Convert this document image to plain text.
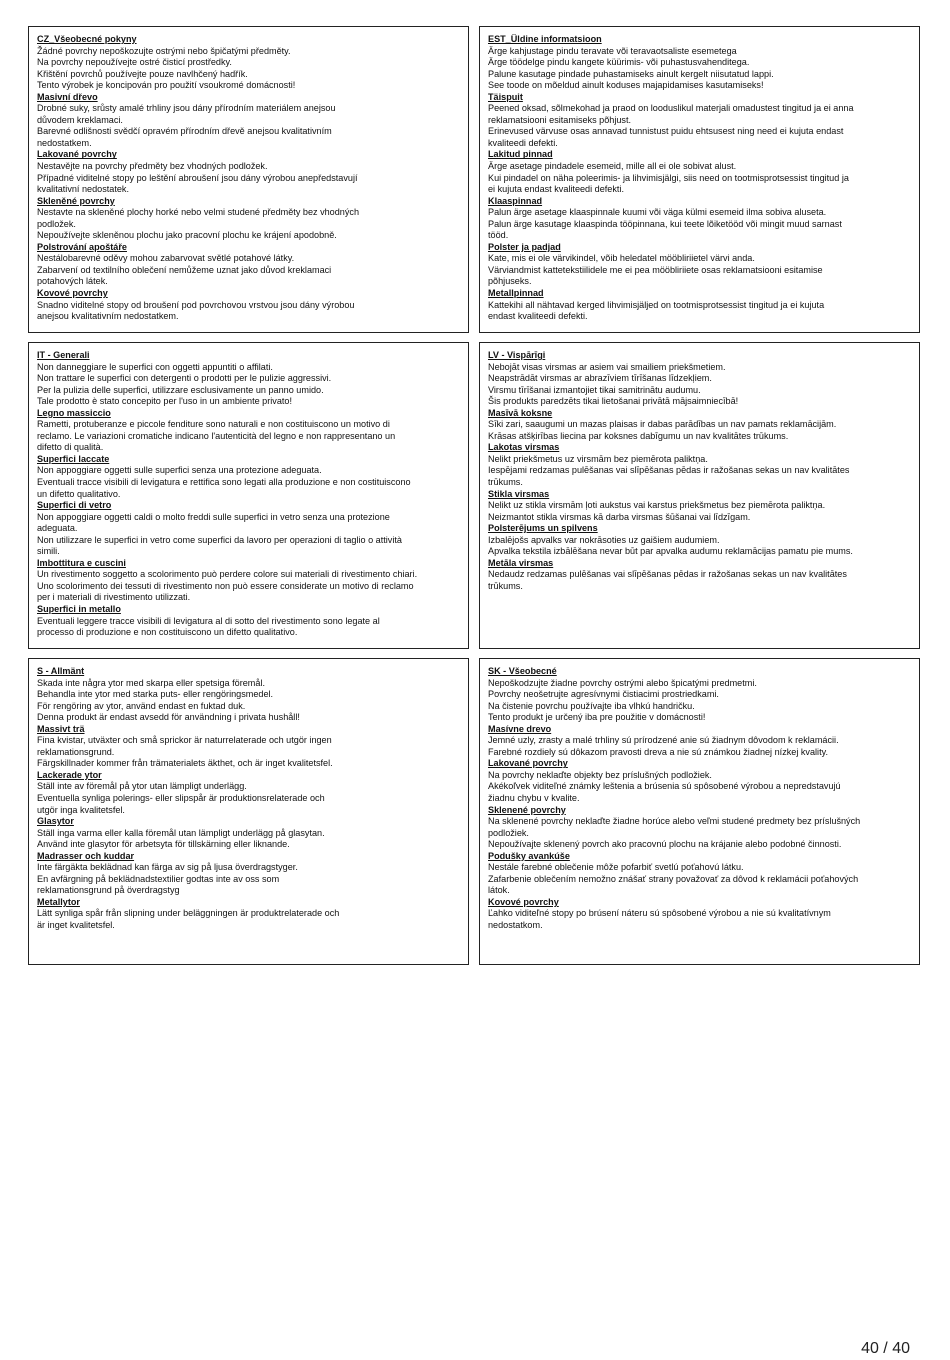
CZ_Všeobecné pokyny

Žádné povrchy nepoškozujte ostrými nebo špičatými předměty.

Na povrchy nepoužívejte ostré čisticí prostředky.

Křištění povrchů používejte pouze navlhčený hadřík.

Tento výrobek je koncipován pro použití vsoukromé domácnosti!

Masivní dřevo

Drobné suky, srůsty amalé trhliny jsou dány přírodním materiálem anejsou

důvodem kreklamaci.

Barevné odlišnosti svědčí opravém přírodním dřevě anejsou kvalitativním

nedostatkem.

Lakované povrchy

Nestavějte na povrchy předměty bez vhodných podložek.

Případné viditelné stopy po leštění abroušení jsou dány výrobou anepředstavují

kvalitativní nedostatek.

Skleněné povrchy

Nestavte na skleněné plochy horké nebo velmi studené předměty bez vhodných

podložek.

Nepoužívejte skleněnou plochu jako pracovní plochu ke krájení apodobně.

Polstrování apoštáře

Nestálobarevné oděvy mohou zabarvovat světlé potahové látky.

Zabarvení od textilního oblečení nemůžeme uznat jako důvod kreklamaci

potahových látek.

Kovové povrchy

Snadno viditelné stopy od broušení pod povrchovou vrstvou jsou dány výrobou

anejsou kvalitativním nedostatkem.

EST_Üldine informatsioon

Ärge kahjustage pindu teravate või teravaotsaliste esemetega

Ärge töödelge pindu kangete küürimis- või puhastusvahenditega.

Palune kasutage pindade puhastamiseks ainult kergelt niisutatud lappi.

See toode on mõeldud ainult koduses majapidamises kasutamiseks!

Täispuit

Peened oksad, sõlmekohad ja praod on looduslikul materjali omadustest tingitud ja ei anna

reklamatsiooni esitamiseks põhjust.

Erinevused värvuse osas annavad tunnistust puidu ehtsusest ning need ei kujuta endast

kvaliteedi defekti.

Lakitud pinnad

Ärge asetage pindadele esemeid, mille all ei ole sobivat alust.

Kui pindadel on näha poleerimis- ja lihvimisjälgi, siis need on tootmisprotsessist tingitud ja

ei kujuta endast kvaliteedi defekti.

Klaaspinnad

Palun ärge asetage klaaspinnale kuumi või väga külmi esemeid ilma sobiva aluseta.

Palun ärge kasutage klaaspinda tööpinnana, kui teete lõiketööd või mingit muud sarnast

tööd.

Polster ja padjad

Kate, mis ei ole värvikindel, võib heledatel mööbliriietel värvi anda.

Värviandmist kattetekstiilidele me ei pea mööbliriiete osas reklamatsiooni esitamise

põhjuseks.

Metallpinnad

Kattekihi all nähtavad kerged lihvimisjäljed on tootmisprotsessist tingitud ja ei kujuta

endast kvaliteedi defekti.

IT - Generali

Non danneggiare le superfici con oggetti appuntiti o affilati.

Non trattare le superfici con detergenti o prodotti per le pulizie aggressivi.

Per la pulizia delle superfici, utilizzare esclusivamente un panno umido.

Tale prodotto è stato concepito per l'uso in un ambiente privato!

Legno massiccio

Rametti, protuberanze e piccole fenditure sono naturali e non costituiscono un motivo di

reclamo. Le variazioni cromatiche indicano l'autenticità del legno e non rappresentano un

difetto di qualità.

Superfici laccate

Non appoggiare oggetti sulle superfici senza una protezione adeguata.

Eventuali tracce visibili di levigatura e rettifica sono legati alla produzione e non costituiscono

un difetto qualitativo.

Superfici di vetro

Non appoggiare oggetti caldi o molto freddi sulle superfici in vetro senza una protezione

adeguata.

Non utilizzare le superfici in vetro come superfici da lavoro per operazioni di taglio o attività

simili.

Imbottitura e cuscini

Un rivestimento soggetto a scolorimento può perdere colore sui materiali di rivestimento chiari.

Uno scolorimento dei tessuti di rivestimento non può essere considerate un motivo di reclamo

per i materiali di rivestimento utilizzati.

Superfici in metallo

Eventuali leggere tracce visibili di levigatura al di sotto del rivestimento sono legate al

processo di produzione e non costituiscono un difetto qualitativo.

LV - Vispārīgi

Nebojāt visas virsmas ar asiem vai smailiem priekšmetiem.

Neapstrādāt virsmas ar abrazīviem tīrīšanas līdzekļiem.

Virsmu tīrīšanai izmantojiet tikai samitrinātu audumu.

Šis produkts paredzēts tikai lietošanai privātā mājsaimniecībā!

Masīvā koksne

Sīki zari, saaugumi un mazas plaisas ir dabas parādības un nav pamats reklamācijām.

Krāsas atšķirības liecina par koksnes dabīgumu un nav kvalitātes trūkums.

Lakotas virsmas

Nelikt priekšmetus uz virsmām bez piemērota paliktņa.

Iespējami redzamas pulēšanas vai slīpēšanas pēdas ir ražošanas sekas un nav kvalitātes

trūkums.

Stikla virsmas

Nelikt uz stikla virsmām ļoti aukstus vai karstus priekšmetus bez piemērota paliktņa.

Neizmantot stikla virsmas kā darba virsmas šūšanai vai līdzīgam.

Polsterējums un spilvens

Izbalējošs apvalks var nokrāsoties uz gaišiem audumiem.

Apvalka tekstila izbālēšana nevar būt par apvalka audumu reklamācijas pamatu pie mums.

Metāla virsmas

Nedaudz redzamas pulēšanas vai slīpēšanas pēdas ir ražošanas sekas un nav kvalitātes

trūkums.

S - Allmänt

Skada inte några ytor med skarpa eller spetsiga föremål.

Behandla inte ytor med starka puts- eller rengöringsmedel.

För rengöring av ytor, använd endast en fuktad duk.

Denna produkt är endast avsedd för användning i privata hushåll!

Massivt trä

Fina kvistar, utväxter och små sprickor är naturrelaterade och utgör ingen

reklamationsgrund.

Färgskillnader kommer från trämaterialets äkthet, och är inget kvalitetsfel.

Lackerade ytor

Ställ inte av föremål på ytor utan lämpligt underlägg.

Eventuella synliga polerings- eller slipspår är produktionsrelaterade och

utgör inga kvalitetsfel.

Glasytor

Ställ inga varma eller kalla föremål utan lämpligt underlägg på glasytan.

Använd inte glasytor för arbetsyta för tillskärning eller liknande.

Madrasser och kuddar

Inte färgäkta beklädnad kan färga av sig på ljusa överdragstyger.

En avfärgning på beklädnadstextilier godtas inte av oss som

reklamationsgrund på överdragstyg

Metallytor

Lätt synliga spår från slipning under beläggningen är produktrelaterade och

är inget kvalitetsfel.

SK - Všeobecné

Nepoškodzujte žiadne povrchy ostrými alebo špicatými predmetmi.

Povrchy neošetrujte agresívnymi čistiacimi prostriedkami.

Na čistenie povrchu používajte iba vlhkú handričku.

Tento produkt je určený iba pre použitie v domácnosti!

Masívne drevo

Jemné uzly, zrasty a malé trhliny sú prírodzené anie sú žiadnym dôvodom k reklamácii.

Farebné rozdiely sú dôkazom pravosti dreva a nie sú známkou žiadnej nízkej kvality.

Lakované povrchy

Na povrchy neklaďte objekty bez príslušných podložiek.

Akékoľvek viditeľné známky leštenia a brúsenia sú spôsobené výrobou a nepredstavujú

žiadnu chybu v kvalite.

Sklenené povrchy

Na sklenené povrchy neklaďte žiadne horúce alebo veľmi studené predmety bez príslušných

podložiek.

Nepoužívajte sklenený povrch ako pracovnú plochu na krájanie alebo podobné činnosti.

Podušky avankúše

Nestále farebné oblečenie môže pofarbiť svetlú poťahovú látku.

Zafarbenie oblečením nemožno znášať strany považovať za dôvod k reklamácii poťahových

látok.

Kovové povrchy

Ľahko viditeľné stopy po brúsení náteru sú spôsobené výrobou a nie sú kvalitatívnym

nedostatkom.

40 / 40
